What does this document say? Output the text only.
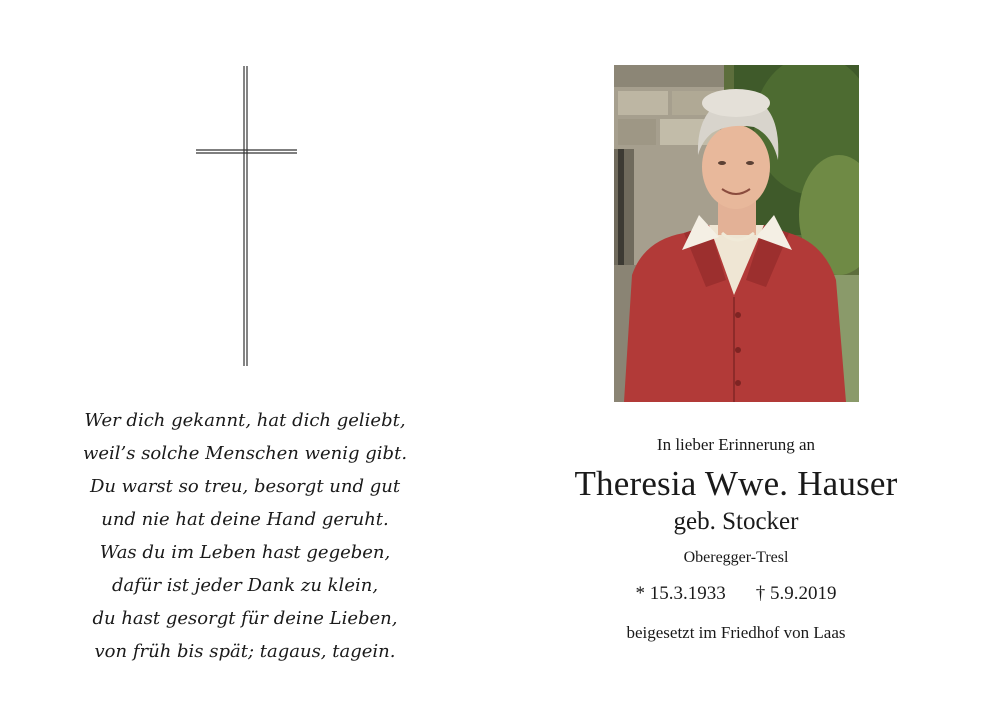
Wer dich gekannt, hat dich geliebt,
weil’s solche Menschen wenig gibt.
Du warst so treu, besorgt und gut
und nie hat deine Hand geruht.
Was du im Leben hast gegeben,
dafür ist jeder Dank zu klein,
du hast gesorgt für deine Lieben,
von früh bis spät; tagaus, tagein.

In lieber Erinnerung an

Theresia Wwe. Hauser

geb. Stocker

Oberegger-Tresl

* 15.3.1933 † 5.9.2019

beigesetzt im Friedhof von Laas
